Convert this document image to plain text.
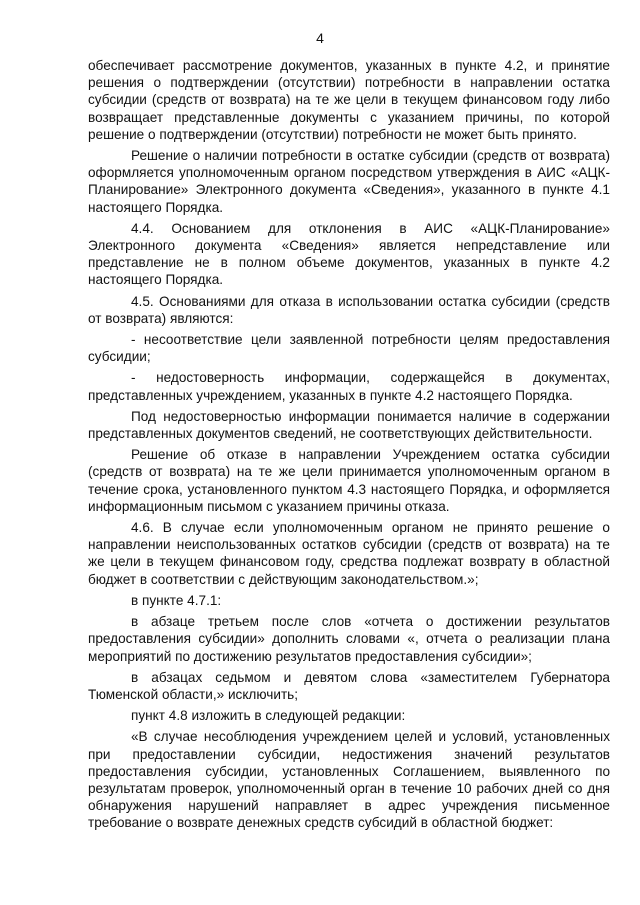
4

обеспечивает рассмотрение документов, указанных в пункте 4.2, и принятие решения о подтверждении (отсутствии) потребности в направлении остатка субсидии (средств от возврата) на те же цели в текущем финансовом году либо возвращает представленные документы с указанием причины, по которой решение о подтверждении (отсутствии) потребности не может быть принято.

Решение о наличии потребности в остатке субсидии (средств от возврата) оформляется уполномоченным органом посредством утверждения в АИС «АЦК-Планирование» Электронного документа «Сведения», указанного в пункте 4.1 настоящего Порядка.

4.4. Основанием для отклонения в АИС «АЦК-Планирование» Электронного документа «Сведения» является непредставление или представление не в полном объеме документов, указанных в пункте 4.2 настоящего Порядка.

4.5. Основаниями для отказа в использовании остатка субсидии (средств от возврата) являются:

- несоответствие цели заявленной потребности целям предоставления субсидии;

- недостоверность информации, содержащейся в документах, представленных учреждением, указанных в пункте 4.2 настоящего Порядка.

Под недостоверностью информации понимается наличие в содержании представленных документов сведений, не соответствующих действительности.

Решение об отказе в направлении Учреждением остатка субсидии (средств от возврата) на те же цели принимается уполномоченным органом в течение срока, установленного пунктом 4.3 настоящего Порядка, и оформляется информационным письмом с указанием причины отказа.

4.6. В случае если уполномоченным органом не принято решение о направлении неиспользованных остатков субсидии (средств от возврата) на те же цели в текущем финансовом году, средства подлежат возврату в областной бюджет в соответствии с действующим законодательством.»;

в пункте 4.7.1:

в абзаце третьем после слов «отчета о достижении результатов предоставления субсидии» дополнить словами «, отчета о реализации плана мероприятий по достижению результатов предоставления субсидии»;

в абзацах седьмом и девятом слова «заместителем Губернатора Тюменской области,» исключить;

пункт 4.8 изложить в следующей редакции:

«В случае несоблюдения учреждением целей и условий, установленных при предоставлении субсидии, недостижения значений результатов предоставления субсидии, установленных Соглашением, выявленного по результатам проверок, уполномоченный орган в течение 10 рабочих дней со дня обнаружения нарушений направляет в адрес учреждения письменное требование о возврате денежных средств субсидий в областной бюджет:
